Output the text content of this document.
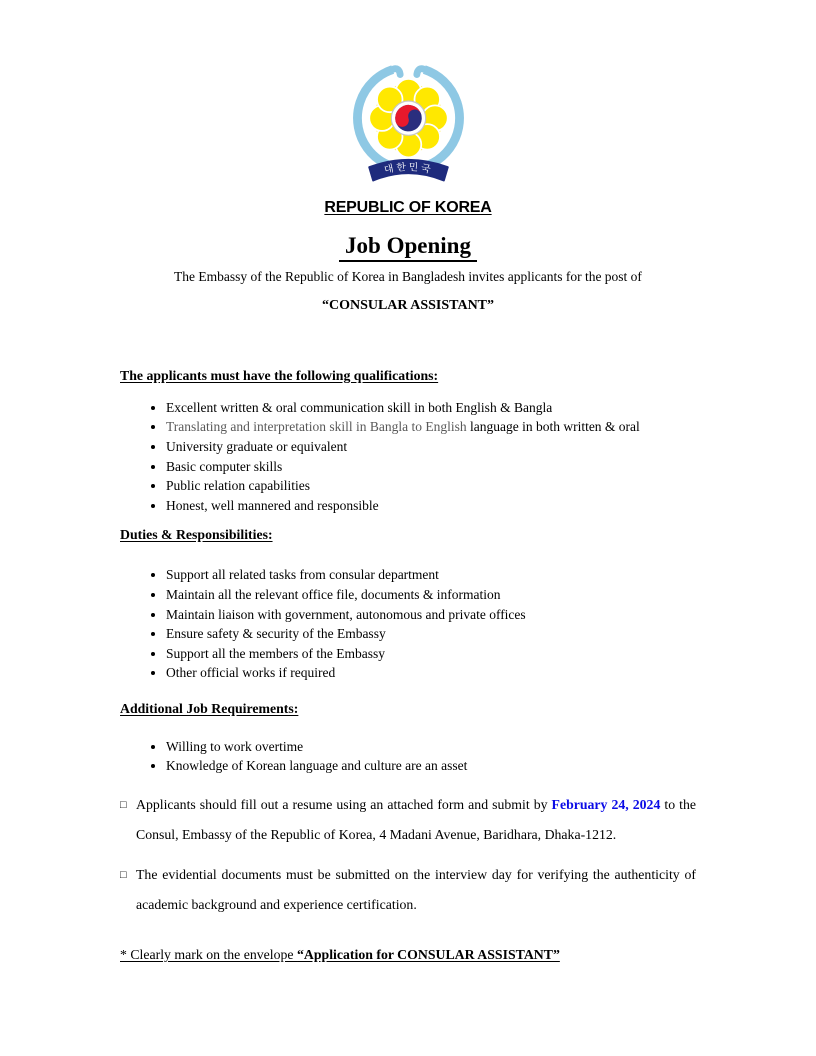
대한민국
REPUBLIC OF KOREA
Job Opening
The Embassy of the Republic of Korea in Bangladesh invites applicants for the post of
“CONSULAR ASSISTANT”
The applicants must have the following qualifications:
• Excellent written & oral communication skill in both English & Bangla
• Translating and interpretation skill in Bangla to English language in both written & oral
• University graduate or equivalent
• Basic computer skills
• Public relation capabilities
• Honest, well mannered and responsible
Duties & Responsibilities:
• Support all related tasks from consular department
• Maintain all the relevant office file, documents & information
• Maintain liaison with government, autonomous and private offices
• Ensure safety & security of the Embassy
• Support all the members of the Embassy
• Other official works if required
Additional Job Requirements:
• Willing to work overtime
• Knowledge of Korean language and culture are an asset
□ Applicants should fill out a resume using an attached form and submit by February 24, 2024 to the Consul, Embassy of the Republic of Korea, 4 Madani Avenue, Baridhara, Dhaka-1212.
□ The evidential documents must be submitted on the interview day for verifying the authenticity of academic background and experience certification.
* Clearly mark on the envelope “Application for CONSULAR ASSISTANT”
